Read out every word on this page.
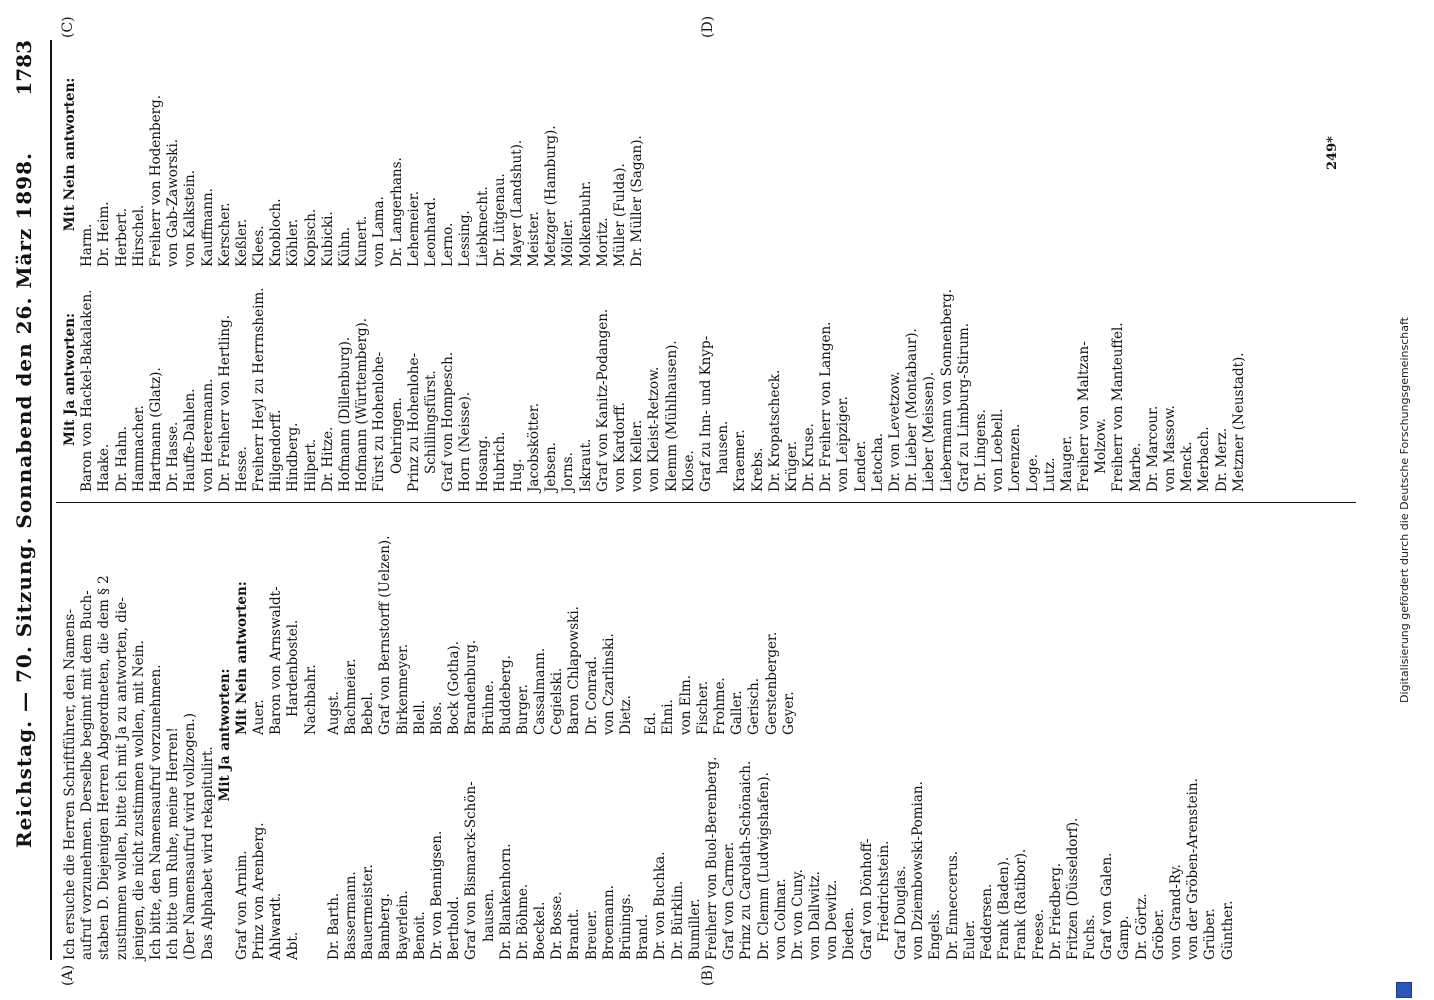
Reichstag. — 70. Sitzung. Sonnabend den 26. März 1898.
1783
(A)	(B)
(C)	(D)
Ich ersuche die Herren Schriftführer, den Namens- aufruf vorzunehmen. Derselbe beginnt mit dem Buch- staben D. Diejenigen Herren Abgeordneten, die dem § 2 zustimmen wollen, bitte ich mit Ja zu antworten, die- jenigen, die nicht zustimmen wollen, mit Nein. Ich bitte, den Namensaufruf vorzunehmen. Ich bitte um Ruhe, meine Herren! (Der Namensaufruf wird vollzogen.) Das Alphabet wird rekapitulirt.
Mit Ja antworten:
Graf von Arnim. Prinz von Arenberg. Ahlwardt. Abt.
Mit Nein antworten: Auer. Baron von Arnswaldt- Hardenbostel. Nachbahr.
Dr. Barth. Bassermann. Bauermeister. Bamberg. Bayerlein. Benoit. Dr. von Bennigsen. Berthold. Graf von Bismarck-Schön- hausen. Dr. Blankenhorn. Dr. Böhme. Boeckel. Dr. Bosse. Brandt. Breuer. Broemann. Brünings. Brand. Dr. von Buchka. Dr. Bürklin. Bumiller. Freiherr von Buol-Berenberg. Graf von Carmer. Prinz zu Carolath-Schönaich. Dr. Clemm (Ludwigshafen). von Colmar. Dr. von Cuny. von Dallwitz. von Dewitz. Dieden. Graf von Dönhoff- Friedrichstein. Graf Douglas. von Dziembowski-Pomian. Engels. Dr. Enneccerus. Euler. Feddersen. Frank (Baden). Frank (Ratibor). Freese. Dr. Friedberg. Fritzen (Düsseldorf). Fuchs. Graf von Galen. Gamp. Dr. Görtz. Gröber. von Grand-Ry. von der Gröben-Arenstein. Grüber. Günther.
Augst. Bachmeier. Bebel. Graf von Bernstorff (Uelzen). Birkenmeyer. Blell. Blos. Bock (Gotha). Brandenburg. Brühne. Buddeberg. Burger. Cassalmann. Cegielski. Baron Chlapowski. Dr. Conrad. von Czarlinski. Dietz. Ed. Ehni. von Elm. Fischer. Frohme. Galler. Gerisch. Gerstenberger. Geyer.
Mit Ja antworten: Baron von Hackel-Bakalaken. Haake. Dr. Hahn. Hammacher. Hartmann (Glatz). Dr. Hasse. Hauffe-Dahlen. von Heeremann. Dr. Freiherr von Hertling. Hesse. Freiherr Heyl zu Herrnsheim. Hilgendorff. Hindberg. Hilpert. Dr. Hitze. Hofmann (Dillenburg). Hofmann (Württemberg). Fürst zu Hohenlohe- Oehringen. Prinz zu Hohenlohe- Schillingsfürst. Graf von Hompesch. Horn (Neisse). Hosang. Hubrich. Hug. Jacobskötter. Jebsen. Jorns. Iskraut. Graf von Kanitz-Podangen. von Kardorff. von Keller. von Kleist-Retzow. Klemm (Mühlhausen). Klose. Graf zu Inn- und Knyp- hausen. Kraemer. Krebs. Dr. Kropatscheck. Krüger. Dr. Kruse. Dr. Freiherr von Langen. von Leipziger. Lender. Letocha. Dr. von Levetzow. Dr. Lieber (Montabaur). Lieber (Meissen). Liebermann von Sonnenberg. Graf zu Limburg-Stirum. Dr. Lingens. von Loebell. Lorenzen. Loge. Lutz. Mauger. Freiherr von Maltzan- Molzow. Freiherr von Manteuffel. Marbe. Dr. Marcour. von Massow. Menck. Merbach. Dr. Merz. Metzner (Neustadt).
Mit Nein antworten:
Harm. Dr. Heim. Herbert. Hirschel. Freiherr von Hodenberg. von Gab-Zaworski. von Kalkstein. Kauffmann. Kerscher. Keßler. Klees. Knobloch. Köhler. Kopisch. Kubicki. Kühn. Kunert. von Lama. Dr. Langerhans. Lehemeier. Leonhard. Lerno. Lessing. Liebknecht. Dr. Lütgenau. Mayer (Landshut). Meister. Metzger (Hamburg). Möller. Molkenbuhr. Moritz. Müller (Fulda). Dr. Müller (Sagan).	249*
Digitalisierung gefördert durch die Deutsche Forschungsgemeinschaft
